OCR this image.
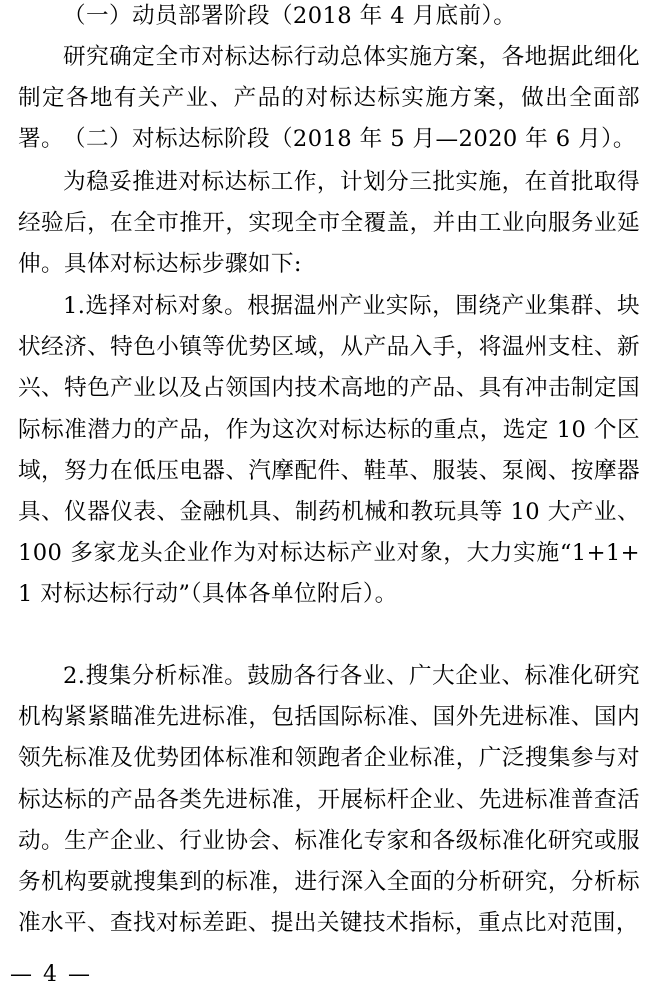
（一）动员部署阶段（2018 年 4 月底前）。

研究确定全市对标达标行动总体实施方案，各地据此细化制定各地有关产业、产品的对标达标实施方案，做出全面部署。 （二）对标达标阶段（2018 年 5 月—2020 年 6 月）。

为稳妥推进对标达标工作，计划分三批实施，在首批取得经验后，在全市推开，实现全市全覆盖，并由工业向服务业延伸。具体对标达标步骤如下:

1.选择对标对象。根据温州产业实际，围绕产业集群、块状经济、特色小镇等优势区域，从产品入手，将温州支柱、新兴、特色产业以及占领国内技术高地的产品、具有冲击制定国际标准潜力的产品，作为这次对标达标的重点，选定 10 个区域，努力在低压电器、汽摩配件、鞋革、服装、泵阀、按摩器具、仪器仪表、金融机具、制药机械和教玩具等 10 大产业、100 多家龙头企业作为对标达标产业对象，大力实施“1+1+1 对标达标行动”（具体各单位附后）。

2.搜集分析标准。鼓励各行各业、广大企业、标准化研究机构紧紧瞄准先进标准，包括国际标准、国外先进标准、国内领先标准及优势团体标准和领跑者企业标准，广泛搜集参与对标达标的产品各类先进标准，开展标杆企业、先进标准普查活动。生产企业、行业协会、标准化专家和各级标准化研究或服务机构要就搜集到的标准，进行深入全面的分析研究，分析标准水平、查找对标差距、提出关键技术指标，重点比对范围，

— 4 —
